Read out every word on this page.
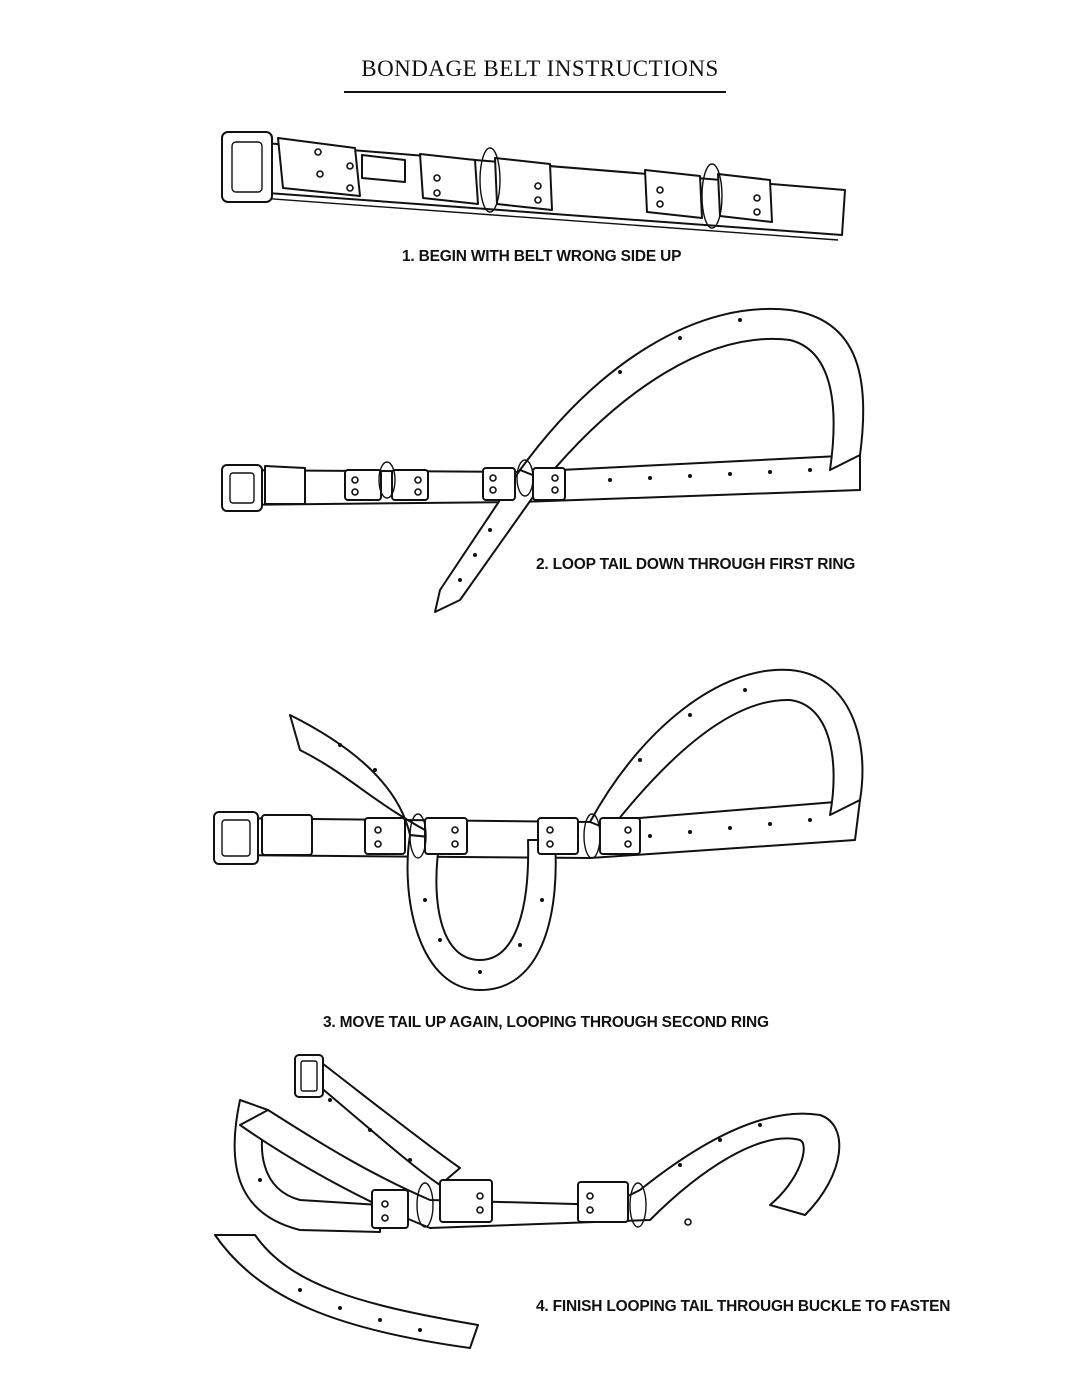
BONDAGE BELT INSTRUCTIONS
1. BEGIN WITH BELT WRONG SIDE UP
2. LOOP TAIL DOWN THROUGH FIRST RING
3. MOVE TAIL UP AGAIN, LOOPING THROUGH SECOND RING
4. FINISH LOOPING TAIL THROUGH BUCKLE TO FASTEN
